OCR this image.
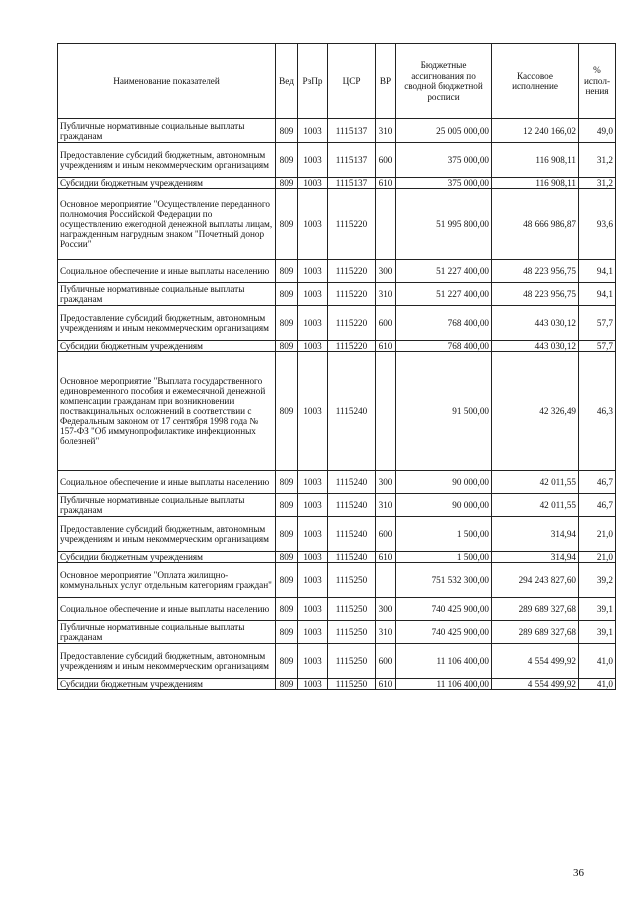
Наименование показателей	Вед	РзПр	ЦСР	ВР	Бюджетные ассигнования по сводной бюджетной росписи	Кассовое исполнение	% испол-нения
Публичные нормативные социальные выплаты гражданам	809	1003	1115137	310	25 005 000,00	12 240 166,02	49,0
Предоставление субсидий бюджетным, автономным учреждениям и иным некоммерческим организациям	809	1003	1115137	600	375 000,00	116 908,11	31,2
Субсидии бюджетным учреждениям	809	1003	1115137	610	375 000,00	116 908,11	31,2
Основное мероприятие "Осуществление переданного полномочия Российской Федерации по осуществлению ежегодной денежной выплаты лицам, награжденным нагрудным знаком "Почетный донор России"	809	1003	1115220		51 995 800,00	48 666 986,87	93,6
Социальное обеспечение и иные выплаты населению	809	1003	1115220	300	51 227 400,00	48 223 956,75	94,1
Публичные нормативные социальные выплаты гражданам	809	1003	1115220	310	51 227 400,00	48 223 956,75	94,1
Предоставление субсидий бюджетным, автономным учреждениям и иным некоммерческим организациям	809	1003	1115220	600	768 400,00	443 030,12	57,7
Субсидии бюджетным учреждениям	809	1003	1115220	610	768 400,00	443 030,12	57,7
Основное мероприятие "Выплата государственного единовременного пособия и ежемесячной денежной компенсации гражданам при возникновении поствакцинальных осложнений в соответствии с Федеральным законом от 17 сентября 1998 года № 157-ФЗ "Об иммунопрофилактике инфекционных болезней"	809	1003	1115240		91 500,00	42 326,49	46,3
Социальное обеспечение и иные выплаты населению	809	1003	1115240	300	90 000,00	42 011,55	46,7
Публичные нормативные социальные выплаты гражданам	809	1003	1115240	310	90 000,00	42 011,55	46,7
Предоставление субсидий бюджетным, автономным учреждениям и иным некоммерческим организациям	809	1003	1115240	600	1 500,00	314,94	21,0
Субсидии бюджетным учреждениям	809	1003	1115240	610	1 500,00	314,94	21,0
Основное мероприятие "Оплата жилищно-коммунальных услуг отдельным категориям граждан"	809	1003	1115250		751 532 300,00	294 243 827,60	39,2
Социальное обеспечение и иные выплаты населению	809	1003	1115250	300	740 425 900,00	289 689 327,68	39,1
Публичные нормативные социальные выплаты гражданам	809	1003	1115250	310	740 425 900,00	289 689 327,68	39,1
Предоставление субсидий бюджетным, автономным учреждениям и иным некоммерческим организациям	809	1003	1115250	600	11 106 400,00	4 554 499,92	41,0
Субсидии бюджетным учреждениям	809	1003	1115250	610	11 106 400,00	4 554 499,92	41,0
36
